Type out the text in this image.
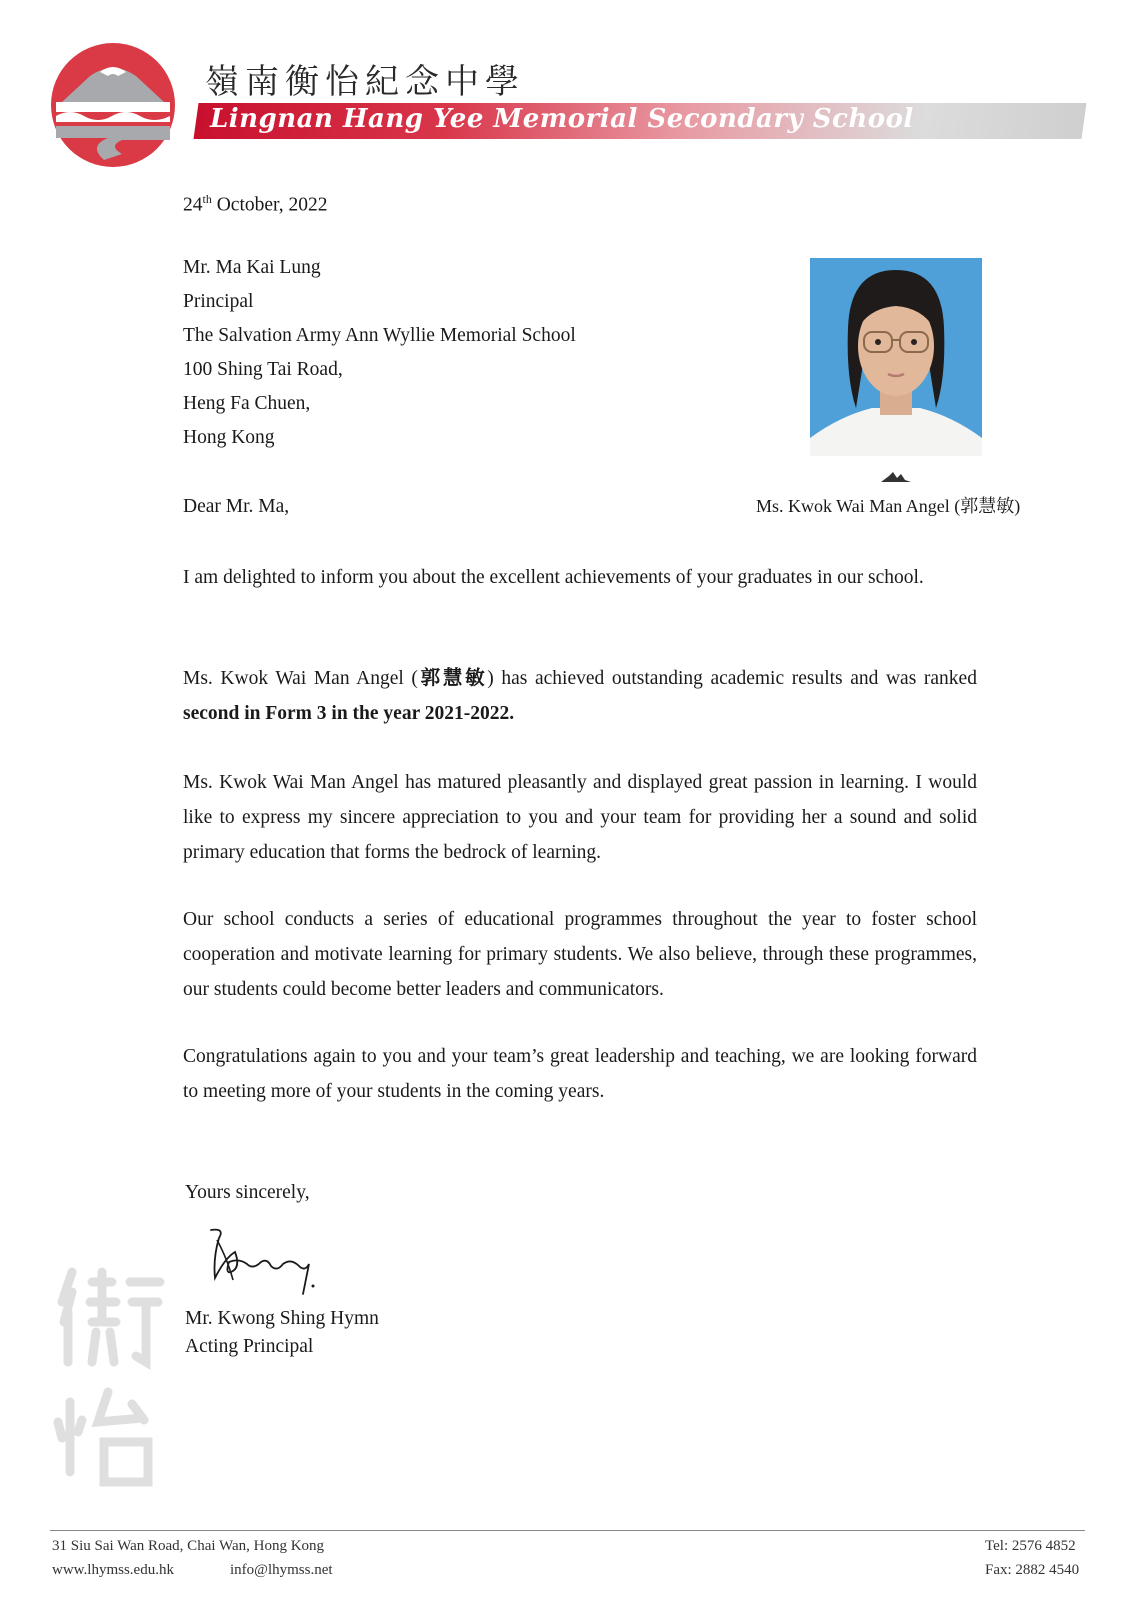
嶺南衡怡紀念中學
Lingnan Hang Yee Memorial Secondary School
24th October, 2022
Mr. Ma Kai Lung
Principal
The Salvation Army Ann Wyllie Memorial School
100 Shing Tai Road,
Heng Fa Chuen,
Hong Kong
Ms. Kwok Wai Man Angel (郭慧敏)
Dear Mr. Ma,

I am delighted to inform you about the excellent achievements of your graduates in our school.

Ms. Kwok Wai Man Angel (郭慧敏) has achieved outstanding academic results and was ranked second in Form 3 in the year 2021-2022.

Ms. Kwok Wai Man Angel has matured pleasantly and displayed great passion in learning. I would like to express my sincere appreciation to you and your team for providing her a sound and solid primary education that forms the bedrock of learning.

Our school conducts a series of educational programmes throughout the year to foster school cooperation and motivate learning for primary students. We also believe, through these programmes, our students could become better leaders and communicators.

Congratulations again to you and your team’s great leadership and teaching, we are looking forward to meeting more of your students in the coming years.

Yours sincerely,
Mr. Kwong Shing Hymn
Acting Principal
31 Siu Sai Wan Road, Chai Wan, Hong Kong
www.lhymss.edu.hk	info@lhymss.net
Tel: 2576 4852
Fax: 2882 4540
